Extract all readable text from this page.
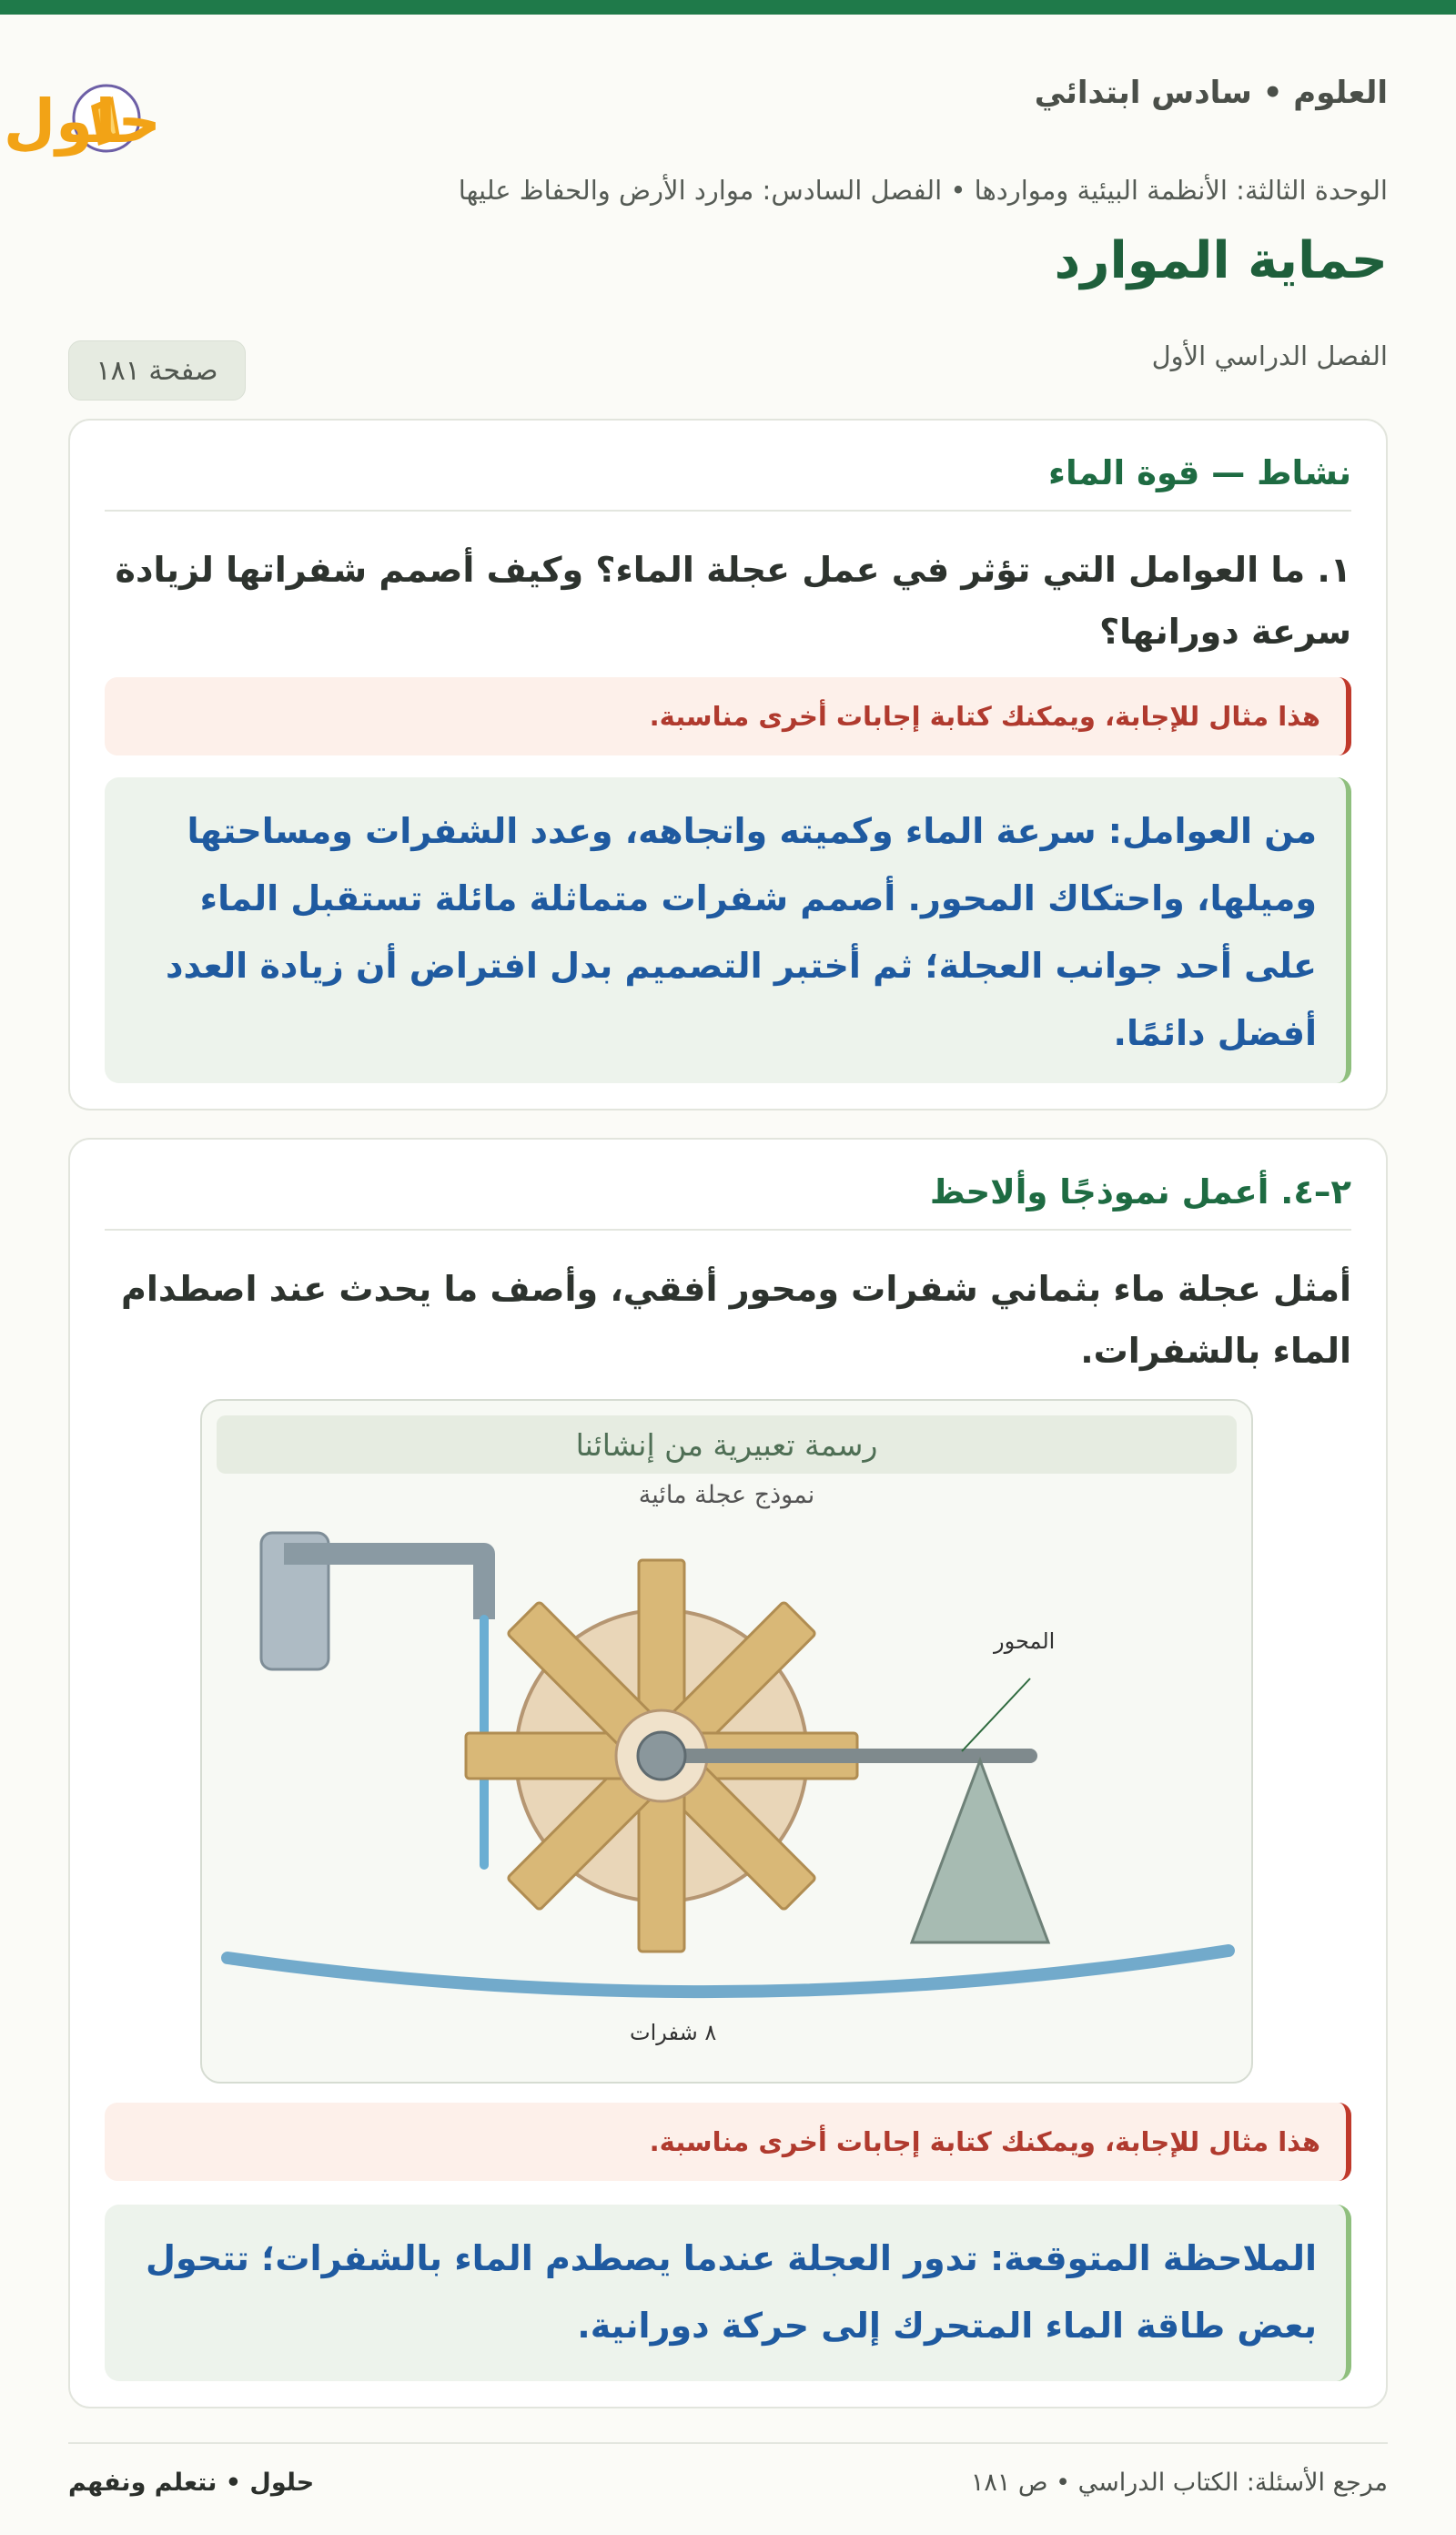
العلوم • سادس ابتدائي
حلول
الوحدة الثالثة: الأنظمة البيئية ومواردها • الفصل السادس: موارد الأرض والحفاظ عليها
حماية الموارد
الفصل الدراسي الأول
صفحة ١٨١
نشاط — قوة الماء

١. ما العوامل التي تؤثر في عمل عجلة الماء؟ وكيف أصمم شفراتها لزيادة سرعة دورانها؟

هذا مثال للإجابة، ويمكنك كتابة إجابات أخرى مناسبة.
من العوامل: سرعة الماء وكميته واتجاهه، وعدد الشفرات ومساحتها وميلها، واحتكاك المحور. أصمم شفرات متماثلة مائلة تستقبل الماء على أحد جوانب العجلة؛ ثم أختبر التصميم بدل افتراض أن زيادة العدد أفضل دائمًا.
٢–٤. أعمل نموذجًا وألاحظ

أمثل عجلة ماء بثماني شفرات ومحور أفقي، وأصف ما يحدث عند اصطدام الماء بالشفرات.

رسمة تعبيرية من إنشائنا
نموذج عجلة مائية
المحور
٨ شفرات
هذا مثال للإجابة، ويمكنك كتابة إجابات أخرى مناسبة.
الملاحظة المتوقعة: تدور العجلة عندما يصطدم الماء بالشفرات؛ تتحول بعض طاقة الماء المتحرك إلى حركة دورانية.
حلول • نتعلم ونفهم	مرجع الأسئلة: الكتاب الدراسي • ص ١٨١
